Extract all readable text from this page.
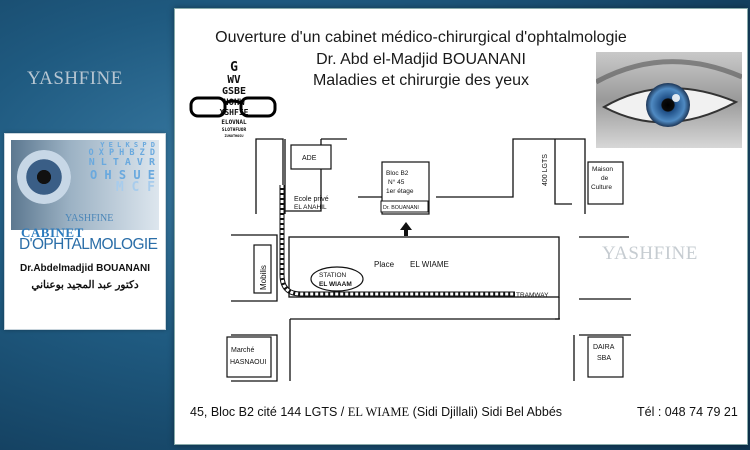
YASHFINE
Y E L K S P D
O X P H B Z D
N L T A V R
O H S U E
M C F
YASHFINE
CABINET
D'OPHTALMOLOGIE
Dr.Abdelmadjid BOUANANI
دكتور عبد المجيد بوعناني
Ouverture d'un cabinet médico-chirurgical d'ophtalmologie
Dr. Abd el-Madjid BOUANANI
Maladies et chirurgie des yeux
G
WV
GSBE
NOHW
XSHFIE
ELOVNAL
SLOTHFUOR
ZUNOTHOSU
ADE
Bloc B2
N° 45
1er étage
Dr. BOUANANI
400 LGTS	Maison
de
Culture
Ecole privé
EL ANAHIL
Mobilis
Place EL WIAME
STATION
EL WIAAM
TRAMWAY
Marché
HASNAOUI
DAIRA
SBA
45, Bloc B2 cité 144 LGTS / EL WIAME (Sidi Djillali) Sidi Bel Abbés	Tél : 048 74 79 21
YASHFINE
